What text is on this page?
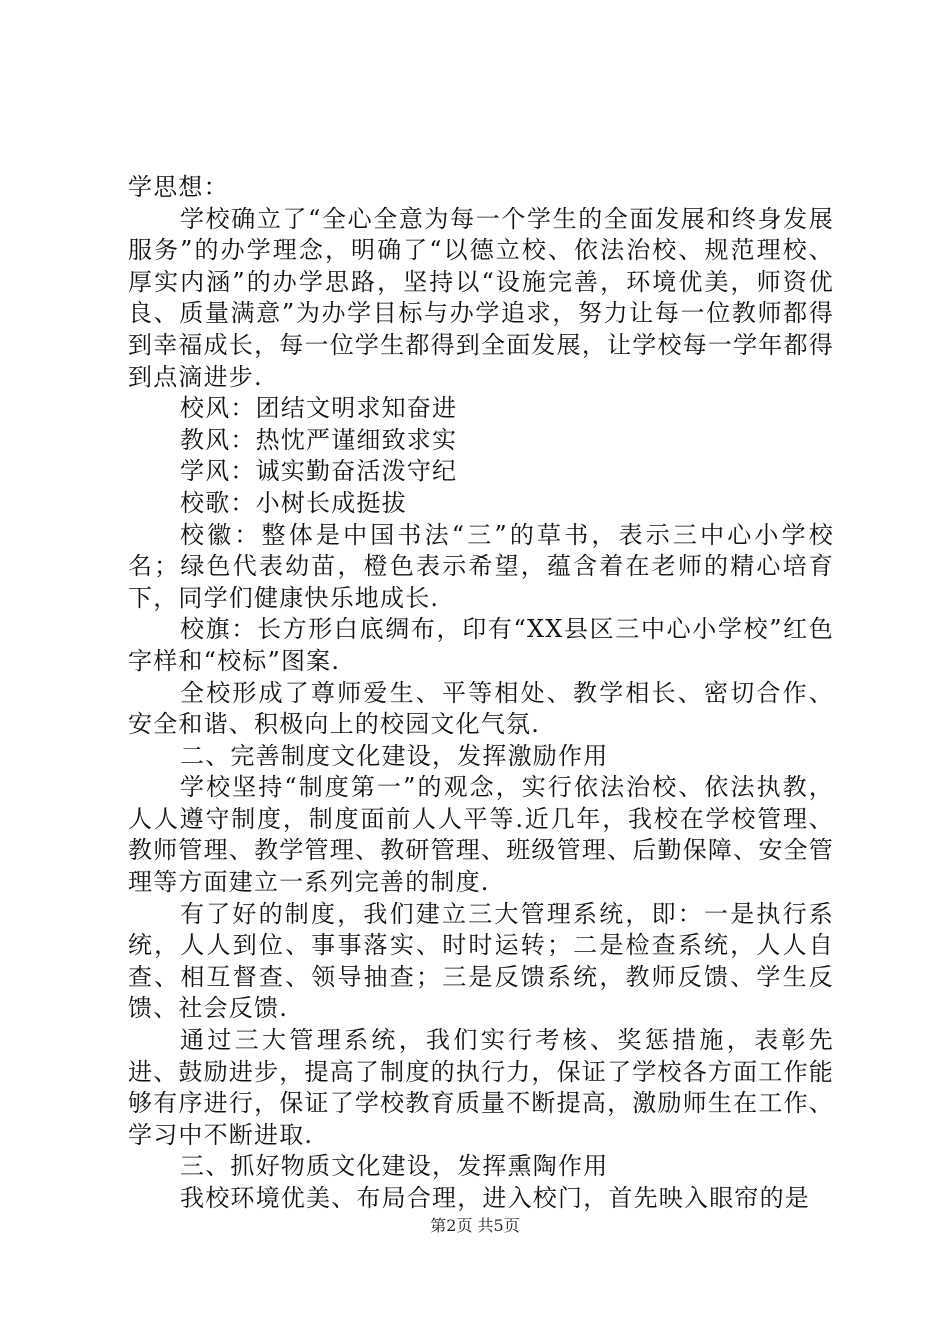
学思想：

学校确立了“全心全意为每一个学生的全面发展和终身发展服务”的办学理念，明确了“以德立校、依法治校、规范理校、厚实内涵”的办学思路，坚持以“设施完善，环境优美，师资优良、质量满意”为办学目标与办学追求，努力让每一位教师都得到幸福成长，每一位学生都得到全面发展，让学校每一学年都得到点滴进步.

校风：团结文明求知奋进

教风：热忱严谨细致求实

学风：诚实勤奋活泼守纪

校歌：小树长成挺拔

校徽：整体是中国书法“三”的草书，表示三中心小学校名；绿色代表幼苗，橙色表示希望，蕴含着在老师的精心培育下，同学们健康快乐地成长.

校旗：长方形白底绸布，印有“XX县区三中心小学校”红色字样和“校标”图案.

全校形成了尊师爱生、平等相处、教学相长、密切合作、安全和谐、积极向上的校园文化气氛.

二、完善制度文化建设，发挥激励作用

学校坚持“制度第一”的观念，实行依法治校、依法执教，人人遵守制度，制度面前人人平等.近几年，我校在学校管理、教师管理、教学管理、教研管理、班级管理、后勤保障、安全管理等方面建立一系列完善的制度.

有了好的制度，我们建立三大管理系统，即：一是执行系统，人人到位、事事落实、时时运转；二是检查系统，人人自查、相互督查、领导抽查；三是反馈系统，教师反馈、学生反馈、社会反馈.

通过三大管理系统，我们实行考核、奖惩措施，表彰先进、鼓励进步，提高了制度的执行力，保证了学校各方面工作能够有序进行，保证了学校教育质量不断提高，激励师生在工作、学习中不断进取.

三、抓好物质文化建设，发挥熏陶作用

我校环境优美、布局合理，进入校门，首先映入眼帘的是

第2页 共5页
